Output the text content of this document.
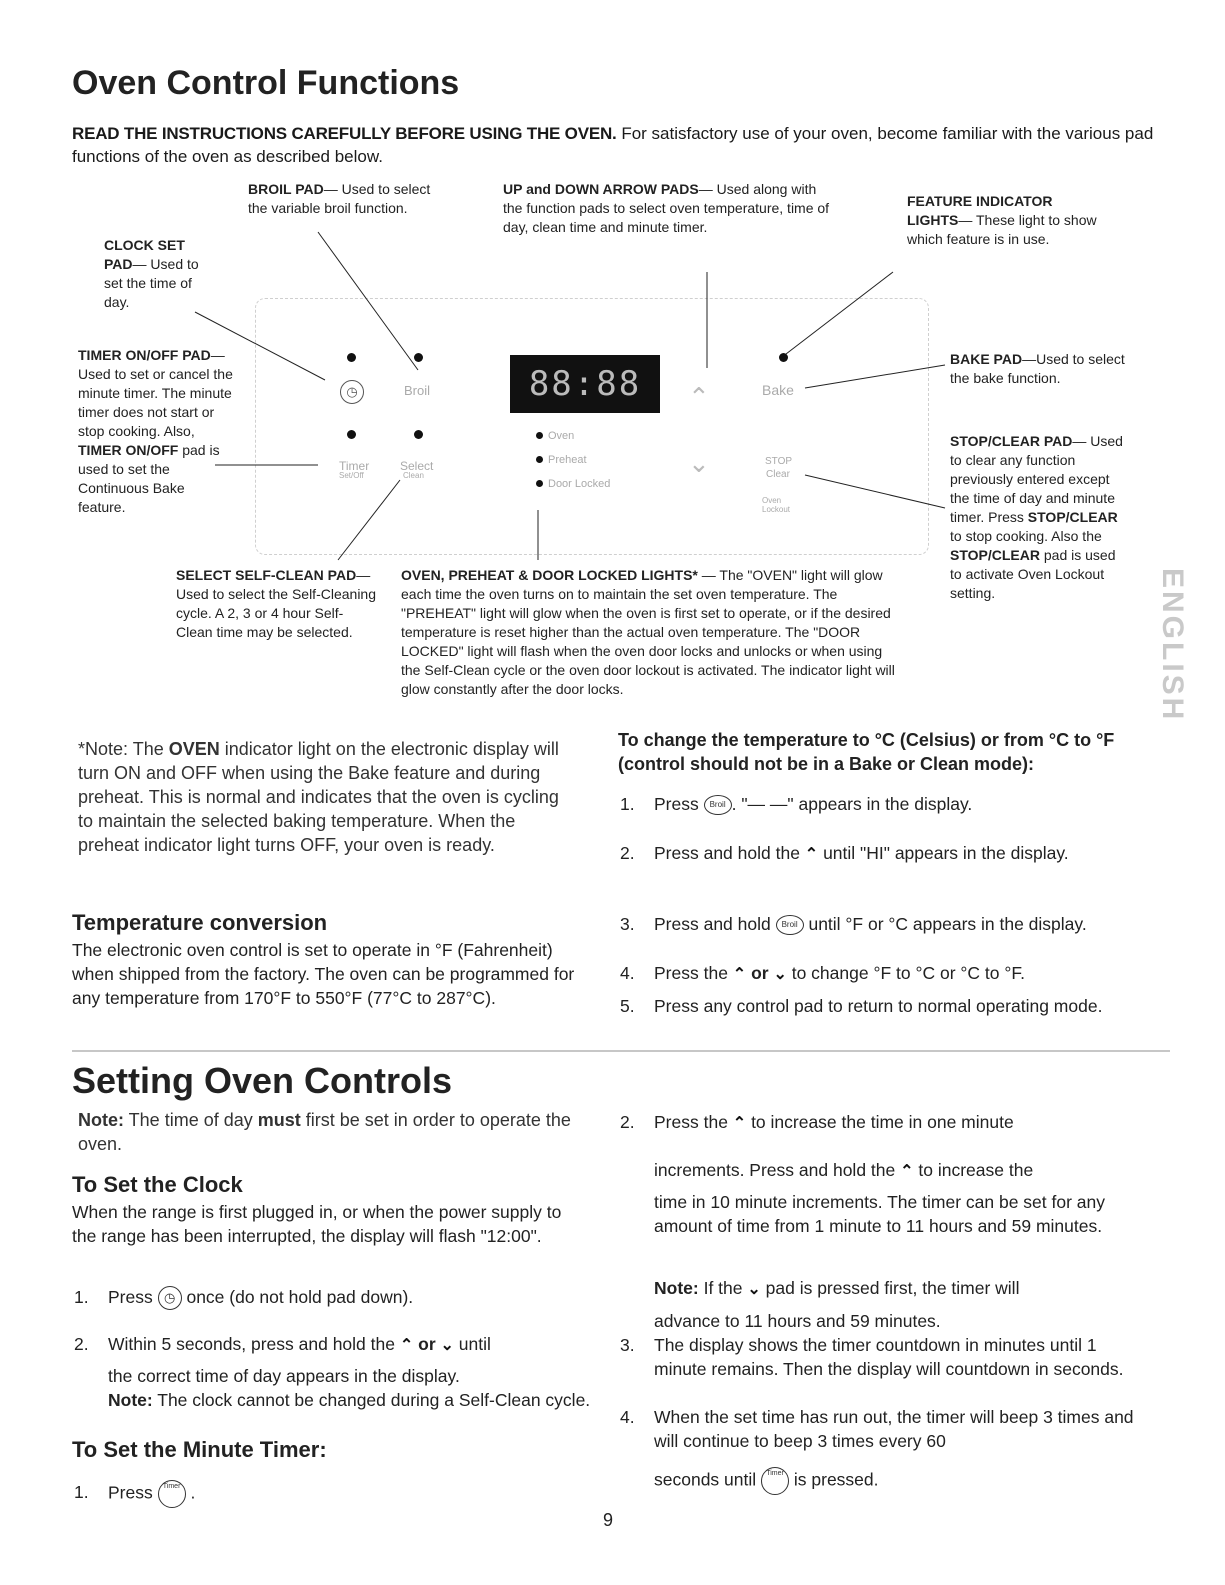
Oven Control Functions
READ THE INSTRUCTIONS CAREFULLY BEFORE USING THE OVEN. For satisfactory use of your oven, become familiar with the various pad functions of the oven as described below.
◷	Broil	88:88	⌃
⌄
Bake
Timer
Set/Off
Select
Clean
STOP
Clear
Oven
Preheat
Door Locked
Oven Lockout
BROIL PAD— Used to select the variable broil function.
UP and DOWN ARROW PADS— Used along with the function pads to select oven temperature, time of day, clean time and minute timer.
FEATURE INDICATOR LIGHTS— These light to show which feature is in use.
CLOCK SET PAD— Used to set the time of day.
TIMER ON/OFF PAD— Used to set or cancel the minute timer. The minute timer does not start or stop cooking. Also, TIMER ON/OFF pad is used to set the Continuous Bake feature.
BAKE PAD—Used to select the bake function.
STOP/CLEAR PAD— Used to clear any function previously entered except the time of day and minute timer. Press STOP/CLEAR to stop cooking. Also the STOP/CLEAR pad is used to activate Oven Lockout setting.
SELECT SELF-CLEAN PAD— Used to select the Self-Cleaning cycle. A 2, 3 or 4 hour Self-Clean time may be selected.
OVEN, PREHEAT & DOOR LOCKED LIGHTS* — The "OVEN" light will glow each time the oven turns on to maintain the set oven temperature. The "PREHEAT" light will glow when the oven is first set to operate, or if the desired temperature is reset higher than the actual oven temperature. The "DOOR LOCKED" light will flash when the oven door locks and unlocks or when using the Self-Clean cycle or the oven door lockout is activated. The indicator light will glow constantly after the door locks.
*Note: The OVEN indicator light on the electronic display will turn ON and OFF when using the Bake feature and during preheat. This is normal and indicates that the oven is cycling to maintain the selected baking temperature. When the preheat indicator light turns OFF, your oven is ready.
Temperature conversion
The electronic oven control is set to operate in °F (Fahrenheit) when shipped from the factory. The oven can be programmed for any temperature from 170°F to 550°F (77°C to 287°C).
To change the temperature to °C (Celsius) or from °C to °F (control should not be in a Bake or Clean mode):
1. Press Broil . "— —" appears in the display.
2. Press and hold the ⌃ until "HI" appears in the display.
3. Press and hold Broil until °F or °C appears in the display.
4. Press the ⌃ or ⌄ to change °F to °C or °C to °F.
5. Press any control pad to return to normal operating mode.
Setting Oven Controls
Note: The time of day must first be set in order to operate the oven.
To Set the Clock
When the range is first plugged in, or when the power supply to the range has been interrupted, the display will flash "12:00".
1. Press ◷ once (do not hold pad down).
2. Within 5 seconds, press and hold the ⌃ or ⌄ until
the correct time of day appears in the display.
Note: The clock cannot be changed during a Self-Clean cycle.
To Set the Minute Timer:
1. Press Timer .
2. Press the ⌃ to increase the time in one minute
increments. Press and hold the ⌃ to increase the
time in 10 minute increments. The timer can be set for any amount of time from 1 minute to 11 hours and 59 minutes.
Note: If the ⌄ pad is pressed first, the timer will
advance to 11 hours and 59 minutes.
3. The display shows the timer countdown in minutes until 1 minute remains. Then the display will countdown in seconds.
4. When the set time has run out, the timer will beep 3 times and will continue to beep 3 times every 60
seconds until Timer is pressed.
ENGLISH
9
